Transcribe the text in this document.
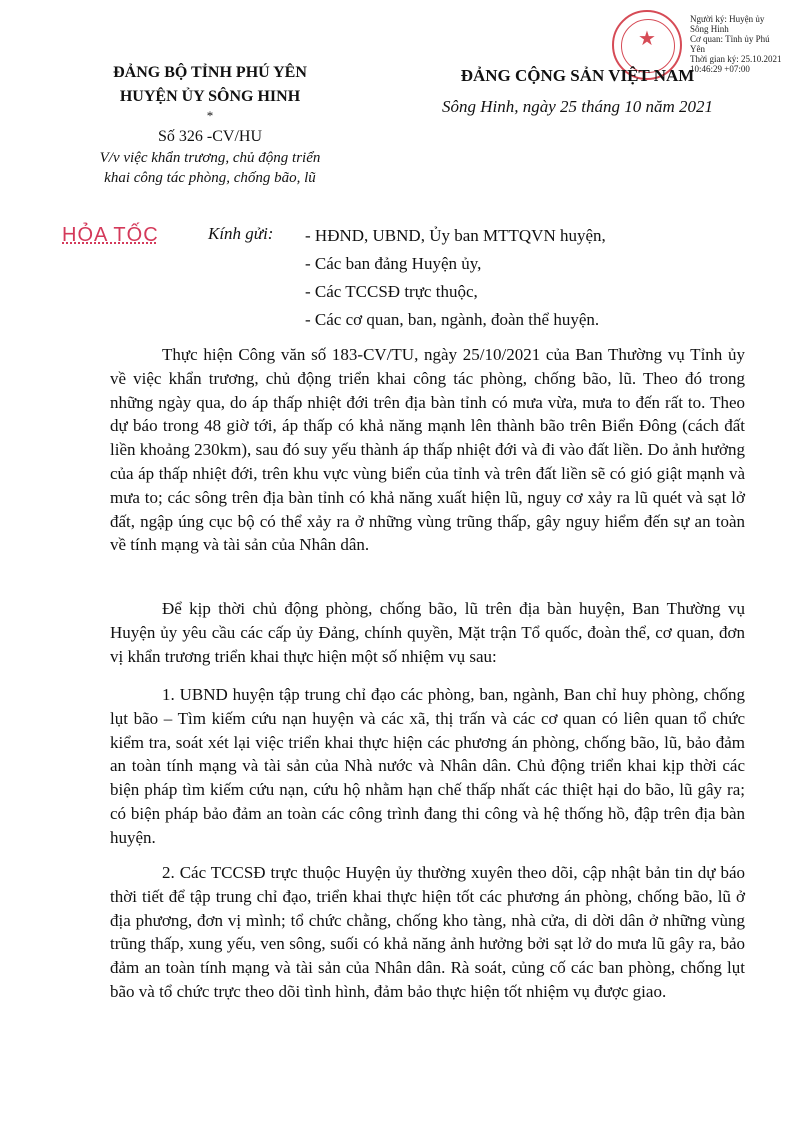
★
Người ký: Huyện ủy
Sông Hinh
Cơ quan: Tỉnh ủy Phú
Yên
Thời gian ký: 25.10.2021
10:46:29 +07:00
ĐẢNG BỘ TỈNH PHÚ YÊN
HUYỆN ỦY SÔNG HINH
*
Số 326 -CV/HU
V/v việc khẩn trương, chủ động triển
khai công tác phòng, chống bão, lũ
ĐẢNG CỘNG SẢN VIỆT NAM
Sông Hinh, ngày 25 tháng 10 năm 2021
HỎA TỐC	Kính gửi: - HĐND, UBND, Ủy ban MTTQVN huyện,
- Các ban đảng Huyện ủy,
- Các TCCSĐ trực thuộc,
- Các cơ quan, ban, ngành, đoàn thể huyện.
Thực hiện Công văn số 183-CV/TU, ngày 25/10/2021 của Ban Thường vụ Tỉnh ủy về việc khẩn trương, chủ động triển khai công tác phòng, chống bão, lũ. Theo đó trong những ngày qua, do áp thấp nhiệt đới trên địa bàn tỉnh có mưa vừa, mưa to đến rất to. Theo dự báo trong 48 giờ tới, áp thấp có khả năng mạnh lên thành bão trên Biển Đông (cách đất liền khoảng 230km), sau đó suy yếu thành áp thấp nhiệt đới và đi vào đất liền. Do ảnh hưởng của áp thấp nhiệt đới, trên khu vực vùng biển của tỉnh và trên đất liền sẽ có gió giật mạnh và mưa to; các sông trên địa bàn tỉnh có khả năng xuất hiện lũ, nguy cơ xảy ra lũ quét và sạt lở đất, ngập úng cục bộ có thể xảy ra ở những vùng trũng thấp, gây nguy hiểm đến sự an toàn về tính mạng và tài sản của Nhân dân.
Để kịp thời chủ động phòng, chống bão, lũ trên địa bàn huyện, Ban Thường vụ Huyện ủy yêu cầu các cấp ủy Đảng, chính quyền, Mặt trận Tổ quốc, đoàn thể, cơ quan, đơn vị khẩn trương triển khai thực hiện một số nhiệm vụ sau:
1. UBND huyện tập trung chỉ đạo các phòng, ban, ngành, Ban chỉ huy phòng, chống lụt bão – Tìm kiếm cứu nạn huyện và các xã, thị trấn và các cơ quan có liên quan tổ chức kiểm tra, soát xét lại việc triển khai thực hiện các phương án phòng, chống bão, lũ, bảo đảm an toàn tính mạng và tài sản của Nhà nước và Nhân dân. Chủ động triển khai kịp thời các biện pháp tìm kiếm cứu nạn, cứu hộ nhằm hạn chế thấp nhất các thiệt hại do bão, lũ gây ra; có biện pháp bảo đảm an toàn các công trình đang thi công và hệ thống hồ, đập trên địa bàn huyện.
2. Các TCCSĐ trực thuộc Huyện ủy thường xuyên theo dõi, cập nhật bản tin dự báo thời tiết để tập trung chỉ đạo, triển khai thực hiện tốt các phương án phòng, chống bão, lũ ở địa phương, đơn vị mình; tổ chức chằng, chống kho tàng, nhà cửa, di dời dân ở những vùng trũng thấp, xung yếu, ven sông, suối có khả năng ảnh hưởng bởi sạt lở do mưa lũ gây ra, bảo đảm an toàn tính mạng và tài sản của Nhân dân. Rà soát, củng cố các ban phòng, chống lụt bão và tổ chức trực theo dõi tình hình, đảm bảo thực hiện tốt nhiệm vụ được giao.
